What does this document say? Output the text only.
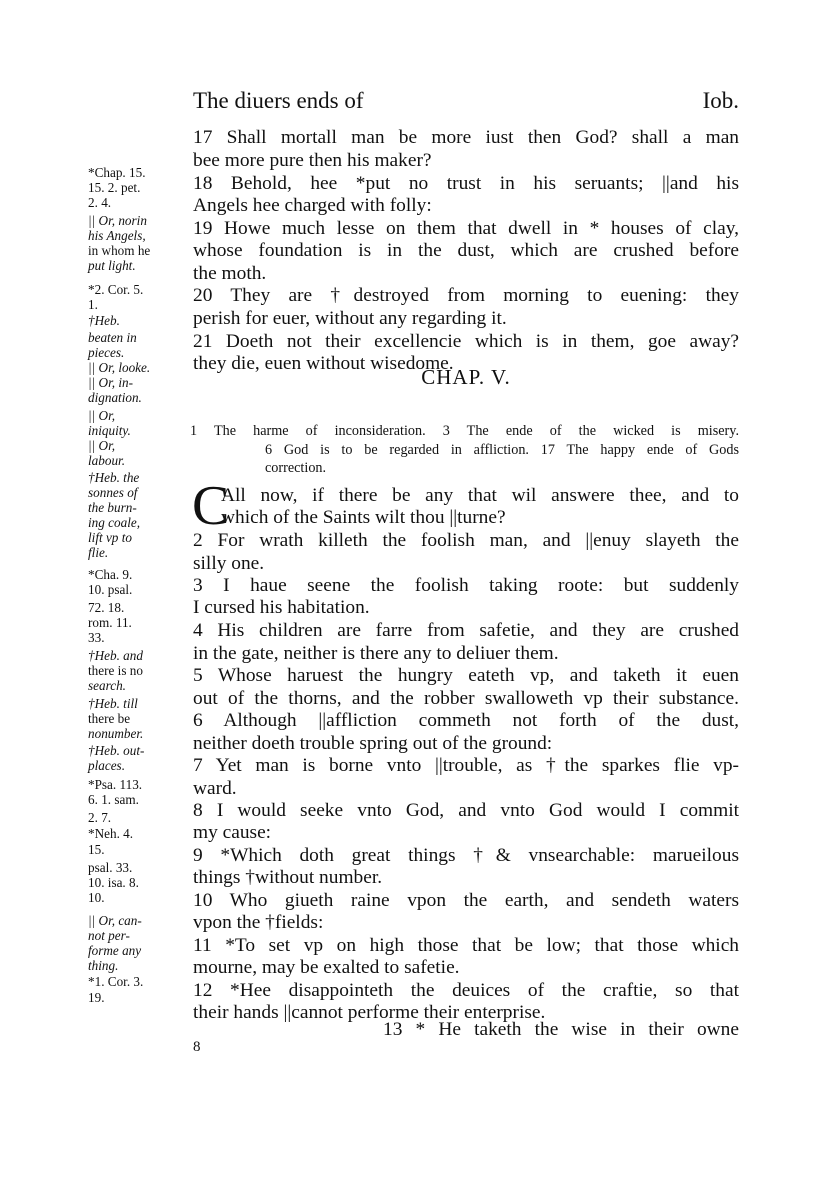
The diuers ends of	Iob.
*Chap. 15.
15. 2. pet.
2. 4.
|| Or, norin
his Angels,
in whom he
put light.
*2. Cor. 5.
1.
†Heb.
beaten in
pieces.
|| Or, looke.
|| Or, in-
dignation.
|| Or,
iniquity.
|| Or,
labour.
†Heb. the
sonnes of
the burn-
ing coale,
lift vp to
flie.
*Cha. 9.
10. psal.
72. 18.
rom. 11.
33.
†Heb. and
there is no
search.
†Heb. till
there be
nonumber.
†Heb. out-
places.
*Psa. 113.
6. 1. sam.
2. 7.
*Neh. 4.
15.
psal. 33.
10. isa. 8.
10.
|| Or, can-
not per-
forme any
thing.
*1. Cor. 3.
19.
17 Shall mortall man be more iust then God? shall a man
bee more pure then his maker?
18 Behold, hee *put no trust in his seruants; ||and his
Angels hee charged with folly:
19 Howe much lesse on them that dwell in * houses of clay,
whose foundation is in the dust, which are crushed before
the moth.
20 They are †destroyed from morning to euening: they
perish for euer, without any regarding it.
21 Doeth not their excellencie which is in them, goe away?
they die, euen without wisedome.
1 The harme of inconsideration. 3 The ende of the wicked is misery.
6 God is to be regarded in affliction. 17 The happy ende of Gods
correction.
All now, if there be any that wil answere thee, and to
which of the Saints wilt thou ||turne?
2 For wrath killeth the foolish man, and ||enuy slayeth the
silly one.
3 I haue seene the foolish taking roote: but suddenly
I cursed his habitation.
4 His children are farre from safetie, and they are crushed
in the gate, neither is there any to deliuer them.
5 Whose haruest the hungry eateth vp, and taketh it euen
out of the thorns, and the robber swalloweth vp their substance.
6 Although ||affliction commeth not forth of the dust,
neither doeth trouble spring out of the ground:
7 Yet man is borne vnto ||trouble, as †the sparkes flie vp-
ward.
8 I would seeke vnto God, and vnto God would I commit
my cause:
9 *Which doth great things †& vnsearchable: marueilous
things †without number.
10 Who giueth raine vpon the earth, and sendeth waters
vpon the †fields:
11 *To set vp on high those that be low; that those which
mourne, may be exalted to safetie.
12 *Hee disappointeth the deuices of the craftie, so that
their hands ||cannot performe their enterprise.
CHAP. V.
C
13 * He taketh the wise in their owne
8
